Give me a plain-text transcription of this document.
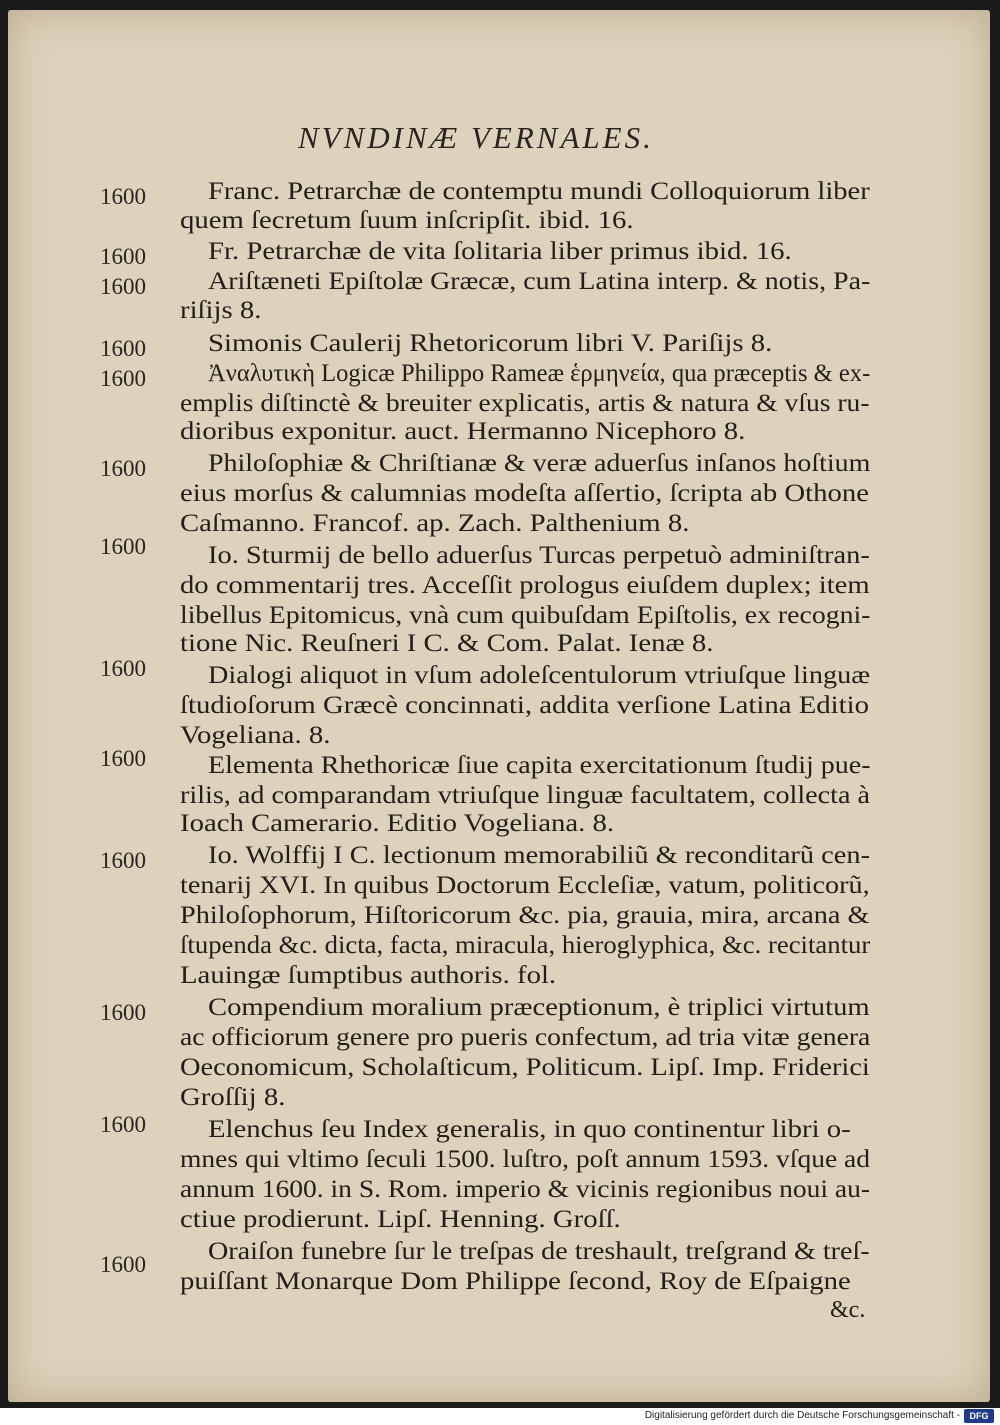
NVNDINÆ VERNALES.
1600 Franc. Petrarchæ de contemptu mundi Colloquiorum liber
quem ſecretum ſuum inſcripſit. ibid. 16.
1600 Fr. Petrarchæ de vita ſolitaria liber primus ibid. 16.
1600 Ariſtæneti Epiſtolæ Græcæ, cum Latina interp. & notis, Pa-
riſijs 8.
1600 Simonis Caulerij Rhetoricorum libri V. Pariſijs 8.
1600 Ἀναλυτικὴ Logicæ Philippo Rameæ ἑρμηνεία, qua præceptis & ex-
emplis diſtinctè & breuiter explicatis, artis & natura & vſus ru-
dioribus exponitur. auct. Hermanno Nicephoro 8.
1600 Philoſophiæ & Chriſtianæ & veræ aduerſus inſanos hoſtium
eius morſus & calumnias modeſta aſſertio, ſcripta ab Othone
Caſmanno. Francof. ap. Zach. Palthenium 8.
1600 Io. Sturmij de bello aduerſus Turcas perpetuò adminiſtran-
do commentarij tres. Acceſſit prologus eiuſdem duplex; item
libellus Epitomicus, vnà cum quibuſdam Epiſtolis, ex recogni-
tione Nic. Reuſneri I C. & Com. Palat. Ienæ 8.
1600 Dialogi aliquot in vſum adoleſcentulorum vtriuſque linguæ
ſtudioſorum Græcè concinnati, addita verſione Latina Editio
Vogeliana. 8.
1600 Elementa Rhethoricæ ſiue capita exercitationum ſtudij pue-
rilis, ad comparandam vtriuſque linguæ facultatem, collecta à
Ioach Camerario. Editio Vogeliana. 8.
1600 Io. Wolffij I C. lectionum memorabiliũ & reconditarũ cen-
tenarij XVI. In quibus Doctorum Eccleſiæ, vatum, politicorũ,
Philoſophorum, Hiſtoricorum &c. pia, grauia, mira, arcana &
ſtupenda &c. dicta, facta, miracula, hieroglyphica, &c. recitantur
Lauingæ ſumptibus authoris. fol.
1600 Compendium moralium præceptionum, è triplici virtutum
ac officiorum genere pro pueris confectum, ad tria vitæ genera
Oeconomicum, Scholaſticum, Politicum. Lipſ. Imp. Friderici
Groſſij 8.
1600 Elenchus ſeu Index generalis, in quo continentur libri o-
mnes qui vltimo ſeculi 1500. luſtro, poſt annum 1593. vſque ad
annum 1600. in S. Rom. imperio & vicinis regionibus noui au-
ctiue prodierunt. Lipſ. Henning. Groſſ.
1600 Oraiſon funebre ſur le treſpas de treshault, treſgrand & treſ-
puiſſant Monarque Dom Philippe ſecond, Roy de Eſpaigne
&c.
Digitalisierung gefördert durch die Deutsche Forschungsgemeinschaft -	DFG
